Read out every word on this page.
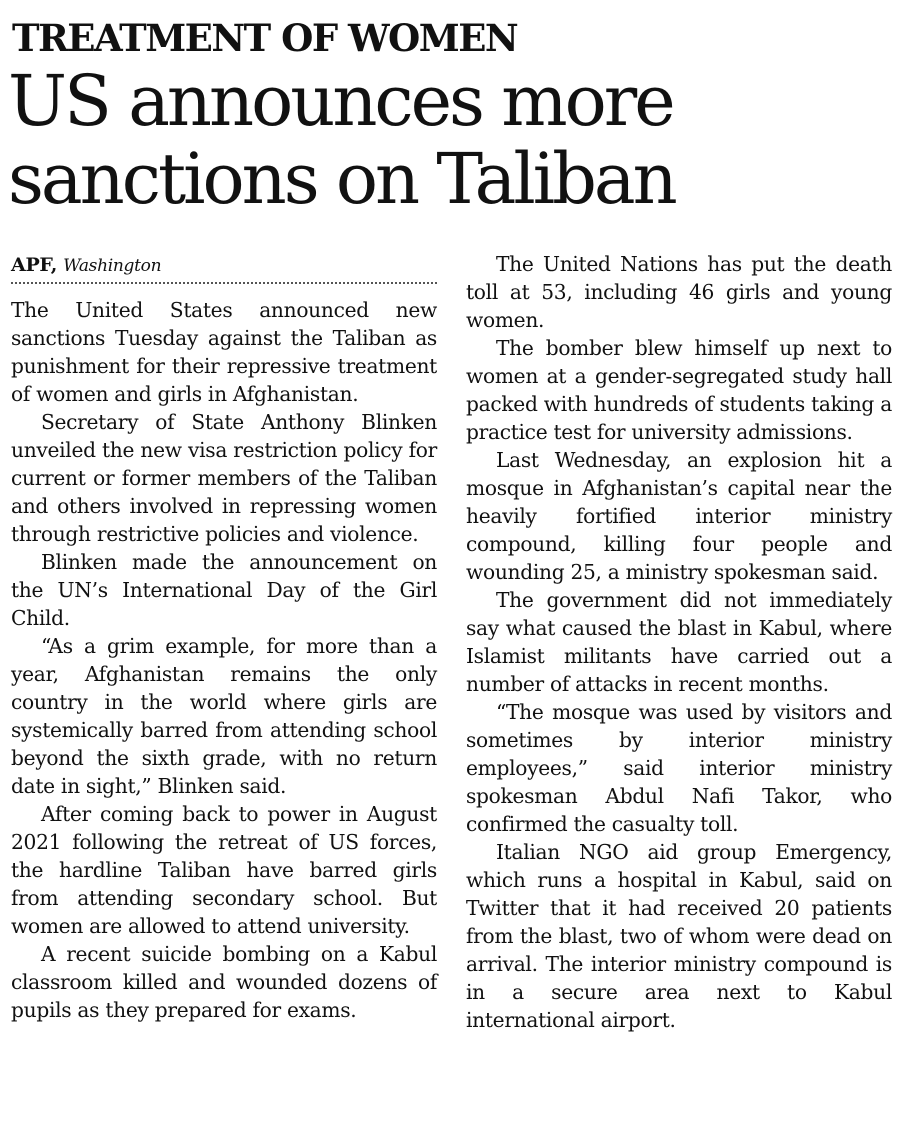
TREATMENT OF WOMEN
US announces more
sanctions on Taliban
APF, Washington

The United States announced new sanctions Tuesday against the Taliban as punishment for their repressive treatment of women and girls in Afghanistan.

Secretary of State Anthony Blinken unveiled the new visa restriction policy for current or former members of the Taliban and others involved in repressing women through restrictive policies and violence.

Blinken made the announcement on the UN’s International Day of the Girl Child.

“As a grim example, for more than a year, Afghanistan remains the only country in the world where girls are systemically barred from attending school beyond the sixth grade, with no return date in sight,” Blinken said.

After coming back to power in August 2021 following the retreat of US forces, the hardline Taliban have barred girls from attending secondary school. But women are allowed to attend university.

A recent suicide bombing on a Kabul classroom killed and wounded dozens of pupils as they prepared for exams.

The United Nations has put the death toll at 53, including 46 girls and young women.

The bomber blew himself up next to women at a gender-segregated study hall packed with hundreds of students taking a practice test for university admissions.

Last Wednesday, an explosion hit a mosque in Afghanistan’s capital near the heavily fortified interior ministry compound, killing four people and wounding 25, a ministry spokesman said.

The government did not immediately say what caused the blast in Kabul, where Islamist militants have carried out a number of attacks in recent months.

“The mosque was used by visitors and sometimes by interior ministry employees,” said interior ministry spokesman Abdul Nafi Takor, who confirmed the casualty toll.

Italian NGO aid group Emergency, which runs a hospital in Kabul, said on Twitter that it had received 20 patients from the blast, two of whom were dead on arrival. The interior ministry compound is in a secure area next to Kabul international airport.
